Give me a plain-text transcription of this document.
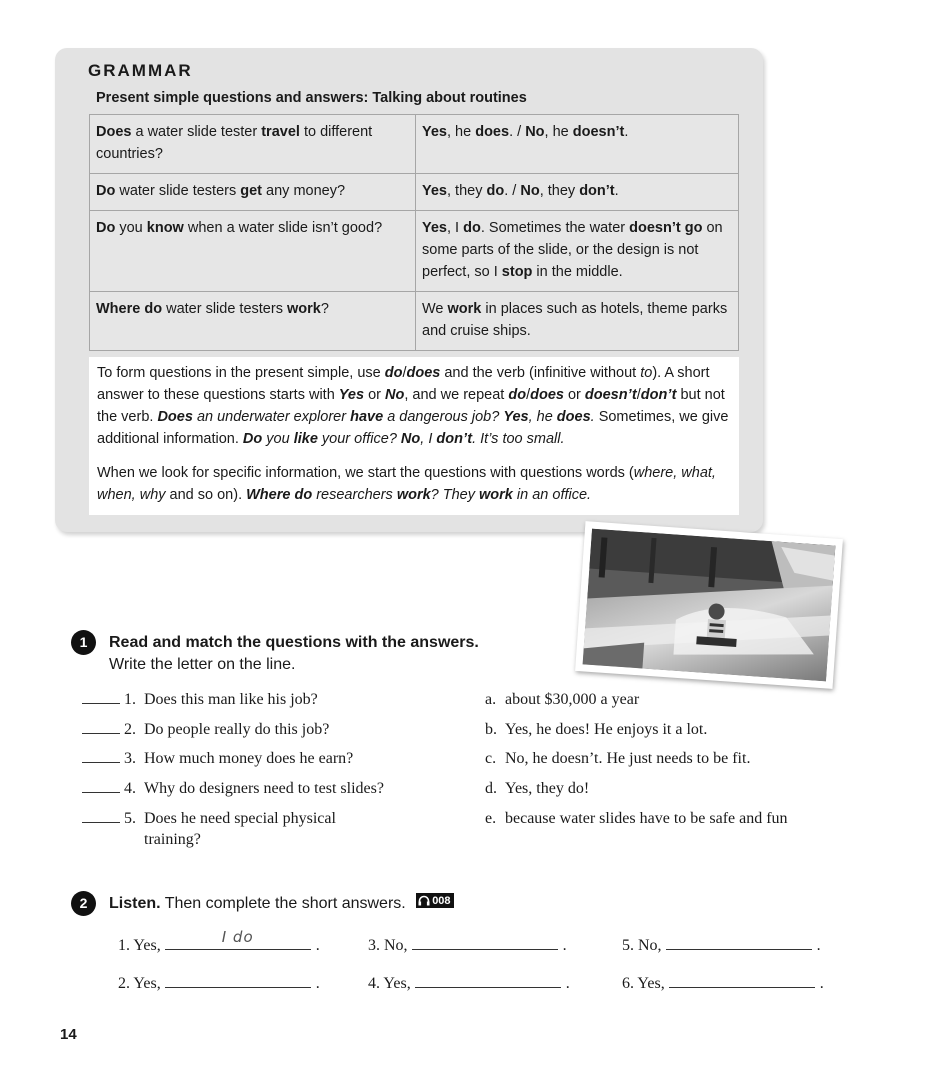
GRAMMAR
Present simple questions and answers: Talking about routines
Does a water slide tester travel to different countries?	Yes, he does. / No, he doesn’t.
Do water slide testers get any money?	Yes, they do. / No, they don’t.
Do you know when a water slide isn’t good?	Yes, I do. Sometimes the water doesn’t go on some parts of the slide, or the design is not perfect, so I stop in the middle.
Where do water slide testers work?	We work in places such as hotels, theme parks and cruise ships.

To form questions in the present simple, use do/does and the verb (infinitive without to). A short answer to these questions starts with Yes or No, and we repeat do/does or doesn’t/don’t but not the verb. Does an underwater explorer have a dangerous job? Yes, he does. Sometimes, we give additional information. Do you like your office? No, I don’t. It’s too small.

When we look for specific information, we start the questions with questions words (where, what, when, why and so on). Where do researchers work? They work in an office.

1	Read and match the questions with the answers.
Write the letter on the line.
1. Does this man like his job?
2. Do people really do this job?
3. How much money does he earn?
4. Why do designers need to test slides?
5. Does he need special physical training?
a. about $30,000 a year
b. Yes, he does! He enjoys it a lot.
c. No, he doesn’t. He just needs to be fit.
d. Yes, they do!
e. because water slides have to be safe and fun
2	Listen. Then complete the short answers. 008
1. Yes,	I do	.
2. Yes,	.
3. No,	.
4. Yes,	.
5. No,	.
6. Yes,	.
14
